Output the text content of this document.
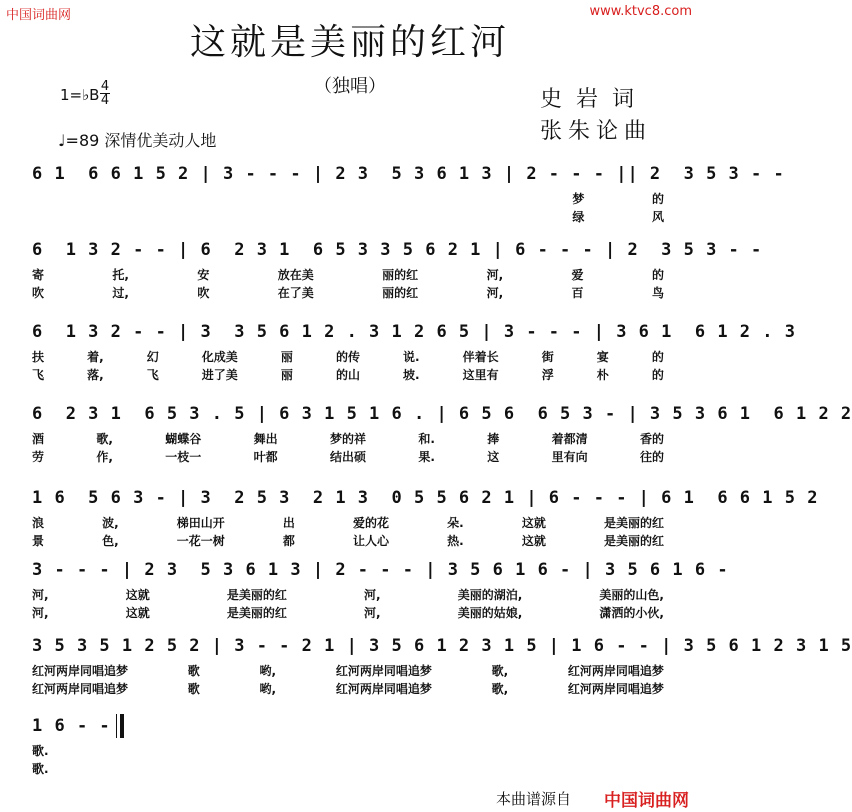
中国词曲网	www.ktvc8.com
这就是美丽的红河
（独唱）
1=♭B 4
4
♩=89 深情优美动人地
史岩词
张朱论曲
6 1  6 6 1 5 2 | 3 - - - | 2 3  5 3 6 1 3 | 2 - - - || 2  3 5 3 - -
梦	的
绿	风
6  1 3 2 - - | 6  2 3 1  6 5 3 3 5 6 2 1 | 6 - - - | 2  3 5 3 - -
寄	托,	安	放在美	丽的红	河,	爱	的
吹	过,	吹	在了美	丽的红	河,	百	鸟
6  1 3 2 - - | 3  3 5 6 1 2 . 3 1 2 6 5 | 3 - - - | 3 6 1  6 1 2 . 3
扶	着,	幻	化成美	丽	的传	说.	伴着长	街	宴	的
飞	落,	飞	进了美	丽	的山	坡.	这里有	浮	朴	的
6  2 3 1  6 5 3 . 5 | 6 3 1 5 1 6 . | 6 5 6  6 5 3 - | 3 5 3 6 1  6 1 2 2
酒	歌,	蝴蝶谷	舞出	梦的祥	和.	捧	着都清	香的
劳	作,	一枝一	叶都	结出硕	果.	这	里有向	往的
1 6  5 6 3 - | 3  2 5 3  2 1 3  0 5 5 6 2 1 | 6 - - - | 6 1  6 6 1 5 2
浪	波,	梯田山开	出	爱的花	朵.	这就	是美丽的红
景	色,	一花一树	都	让人心	热.	这就	是美丽的红
3 - - - | 2 3  5 3 6 1 3 | 2 - - - | 3 5 6 1 6 - | 3 5 6 1 6 -
河,	这就	是美丽的红	河,	美丽的湖泊,	美丽的山色,
河,	这就	是美丽的红	河,	美丽的姑娘,	潇洒的小伙,
3 5 3 5 1 2 5 2 | 3 - - 2 1 | 3 5 6 1 2 3 1 5 | 1 6 - - | 3 5 6 1 2 3 1 5
红河两岸同唱追梦	歌	哟,	红河两岸同唱追梦	歌,	红河两岸同唱追梦
红河两岸同唱追梦	歌	哟,	红河两岸同唱追梦	歌,	红河两岸同唱追梦
1 6 - -
歌.
歌.
本曲谱源自 中国词曲网
